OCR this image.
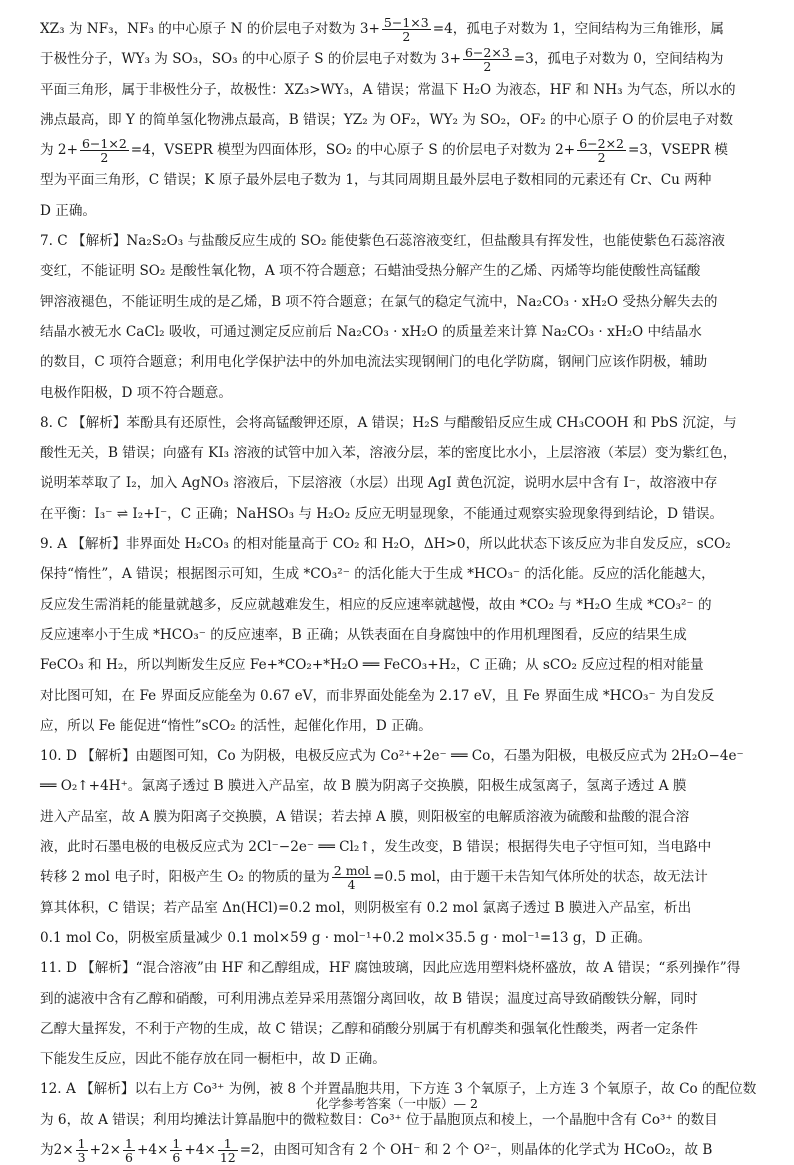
XZ₃ 为 NF₃，NF₃ 的中心原子 N 的价层电子对数为 $3+ \frac{5-1\times 3}{2} =4$，孤电子对数为 1，空间结构为三角锥形，属

于极性分子，WY₃ 为 SO₃，SO₃ 的中心原子 S 的价层电子对数为 $3+ \frac{6-2\times 3}{2} =3$，孤电子对数为 0，空间结构为

平面三角形，属于非极性分子，故极性：XZ₃>WY₃，A 错误；常温下 H₂O 为液态，HF 和 NH₃ 为气态，所以水的

沸点最高，即 Y 的简单氢化物沸点最高，B 错误；YZ₂ 为 OF₂，WY₂ 为 SO₂，OF₂ 的中心原子 O 的价层电子对数

为 $2+ \frac{6-1\times 2}{2} =4$，VSEPR 模型为四面体形，SO₂ 的中心原子 S 的价层电子对数为 $2+ \frac{6-2\times 2}{2} =3$，VSEPR 模

型为平面三角形，C 错误；K 原子最外层电子数为 1，与其同周期且最外层电子数相同的元素还有 Cr、Cu 两种

D 正确。

7. C 【解析】Na₂S₂O₃ 与盐酸反应生成的 SO₂ 能使紫色石蕊溶液变红，但盐酸具有挥发性，也能使紫色石蕊溶液

变红，不能证明 SO₂ 是酸性氧化物，A 项不符合题意；石蜡油受热分解产生的乙烯、丙烯等均能使酸性高锰酸

钾溶液褪色，不能证明生成的是乙烯，B 项不符合题意；在氯气的稳定气流中，Na₂CO₃ · xH₂O 受热分解失去的

结晶水被无水 CaCl₂ 吸收，可通过测定反应前后 Na₂CO₃ · xH₂O 的质量差来计算 Na₂CO₃ · xH₂O 中结晶水

的数目，C 项符合题意；利用电化学保护法中的外加电流法实现钢闸门的电化学防腐，钢闸门应该作阴极，辅助

电极作阳极，D 项不符合题意。

8. C 【解析】苯酚具有还原性，会将高锰酸钾还原，A 错误；H₂S 与醋酸铅反应生成 CH₃COOH 和 PbS 沉淀，与

酸性无关，B 错误；向盛有 KI₃ 溶液的试管中加入苯，溶液分层，苯的密度比水小，上层溶液（苯层）变为紫红色，

说明苯萃取了 I₂，加入 AgNO₃ 溶液后，下层溶液（水层）出现 AgI 黄色沉淀，说明水层中含有 I⁻，故溶液中存

在平衡：I₃⁻ ⇌ I₂+I⁻，C 正确；NaHSO₃ 与 H₂O₂ 反应无明显现象，不能通过观察实验现象得到结论，D 错误。

9. A 【解析】非界面处 H₂CO₃ 的相对能量高于 CO₂ 和 H₂O，ΔH>0，所以此状态下该反应为非自发反应，sCO₂

保持“惰性”，A 错误；根据图示可知，生成 *CO₃²⁻ 的活化能大于生成 *HCO₃⁻ 的活化能。反应的活化能越大，

反应发生需消耗的能量就越多，反应就越难发生，相应的反应速率就越慢，故由 *CO₂ 与 *H₂O 生成 *CO₃²⁻ 的

反应速率小于生成 *HCO₃⁻ 的反应速率，B 正确；从铁表面在自身腐蚀中的作用机理图看，反应的结果生成

FeCO₃ 和 H₂，所以判断发生反应 Fe+*CO₂+*H₂O ══ FeCO₃+H₂，C 正确；从 sCO₂ 反应过程的相对能量

对比图可知，在 Fe 界面反应能垒为 0.67 eV，而非界面处能垒为 2.17 eV，且 Fe 界面生成 *HCO₃⁻ 为自发反

应，所以 Fe 能促进“惰性”sCO₂ 的活性，起催化作用，D 正确。

10. D 【解析】由题图可知，Co 为阴极，电极反应式为 Co²⁺+2e⁻ ══ Co，石墨为阳极，电极反应式为 2H₂O−4e⁻

══ O₂↑+4H⁺。氯离子透过 B 膜进入产品室，故 B 膜为阴离子交换膜，阳极生成氢离子，氢离子透过 A 膜

进入产品室，故 A 膜为阳离子交换膜，A 错误；若去掉 A 膜，则阳极室的电解质溶液为硫酸和盐酸的混合溶

液，此时石墨电极的电极反应式为 2Cl⁻−2e⁻ ══ Cl₂↑，发生改变，B 错误；根据得失电子守恒可知，当电路中

转移 2 mol 电子时，阳极产生 O₂ 的物质的量为 $\frac{\text{2 mol}}{4} =0.5$ mol，由于题干未告知气体所处的状态，故无法计

算其体积，C 错误；若产品室 Δn(HCl)=0.2 mol，则阴极室有 0.2 mol 氯离子透过 B 膜进入产品室，析出

0.1 mol Co，阴极室质量减少 0.1 mol×59 g · mol⁻¹+0.2 mol×35.5 g · mol⁻¹=13 g，D 正确。

11. D 【解析】“混合溶液”由 HF 和乙醇组成，HF 腐蚀玻璃，因此应选用塑料烧杯盛放，故 A 错误；“系列操作”得

到的滤液中含有乙醇和硝酸，可利用沸点差异采用蒸馏分离回收，故 B 错误；温度过高导致硝酸铁分解，同时

乙醇大量挥发，不利于产物的生成，故 C 错误；乙醇和硝酸分别属于有机醇类和强氧化性酸类，两者一定条件

下能发生反应，因此不能存放在同一橱柜中，故 D 正确。

12. A 【解析】以右上方 Co³⁺ 为例，被 8 个并置晶胞共用，下方连 3 个氧原子，上方连 3 个氧原子，故 Co 的配位数

为 6，故 A 错误；利用均摊法计算晶胞中的微粒数目：Co³⁺ 位于晶胞顶点和棱上，一个晶胞中含有 Co³⁺ 的数目

为$2\times \frac{1}{3} +2\times \frac{1}{6} +4\times \frac{1}{6} +4\times \frac{1}{12} =2$，由图可知含有 2 个 OH⁻ 和 2 个 O²⁻，则晶体的化学式为 HCoO₂，故 B

化学参考答案（一中版）— 2
